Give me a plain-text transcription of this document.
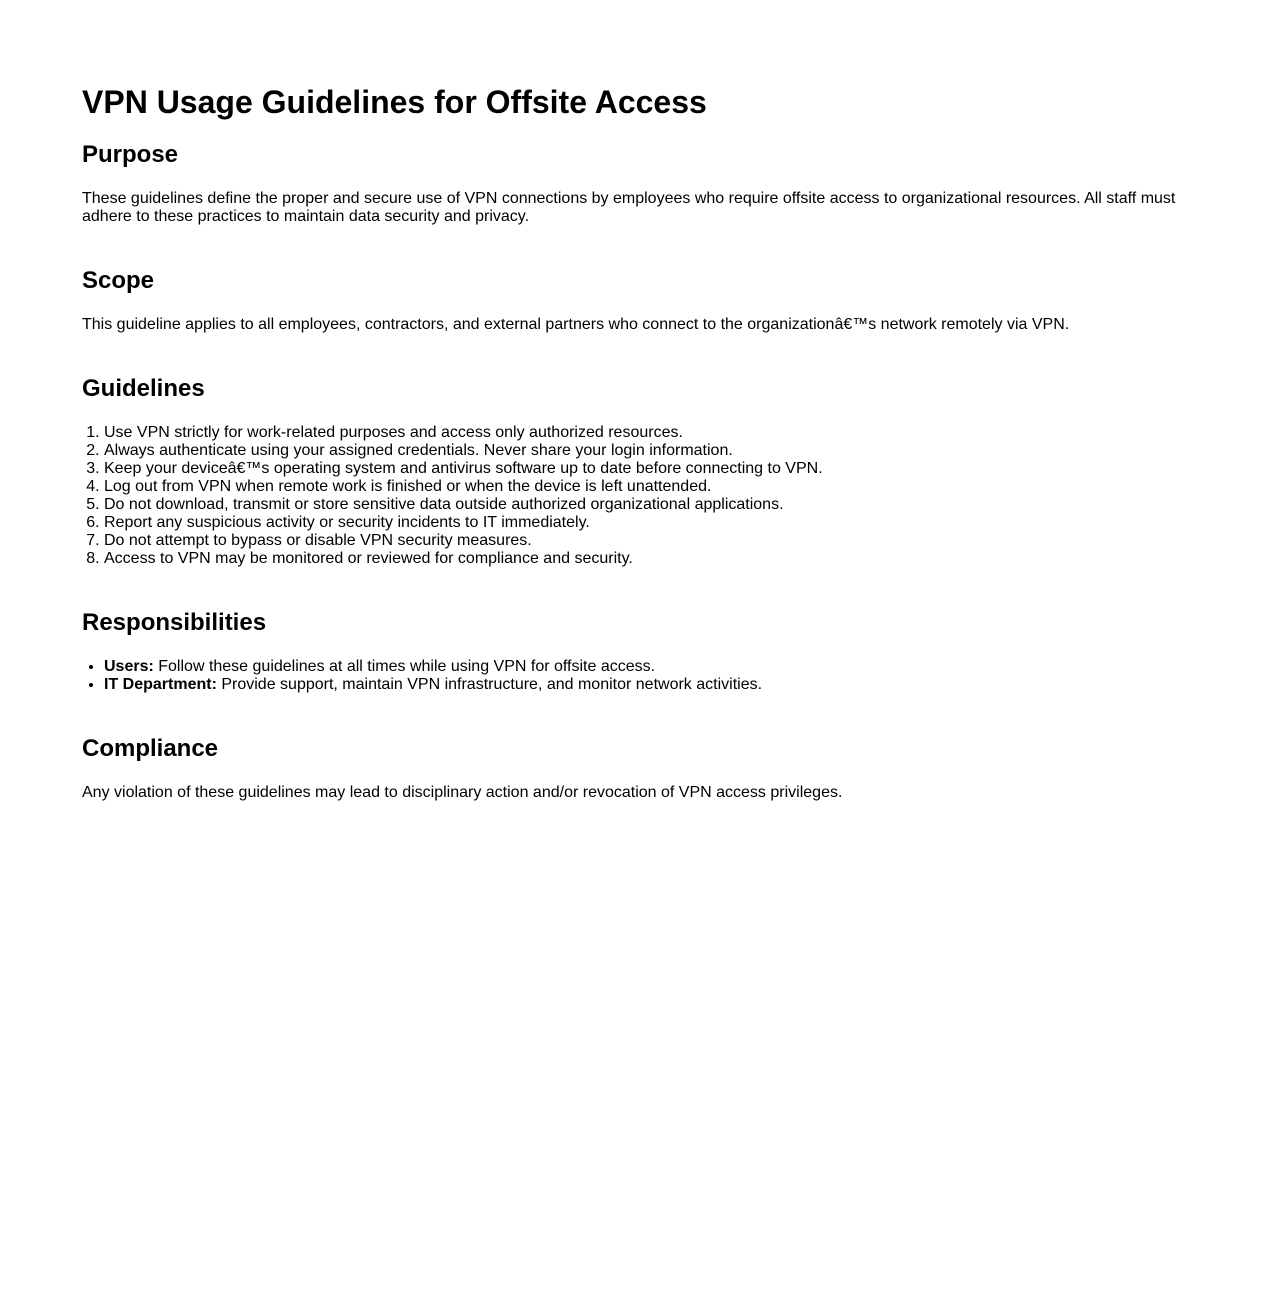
VPN Usage Guidelines for Offsite Access
Purpose

These guidelines define the proper and secure use of VPN connections by employees who require offsite access to organizational resources. All staff must adhere to these practices to maintain data security and privacy.

Scope

This guideline applies to all employees, contractors, and external partners who connect to the organizationâ€™s network remotely via VPN.

Guidelines
1. Use VPN strictly for work-related purposes and access only authorized resources.
2. Always authenticate using your assigned credentials. Never share your login information.
3. Keep your deviceâ€™s operating system and antivirus software up to date before connecting to VPN.
4. Log out from VPN when remote work is finished or when the device is left unattended.
5. Do not download, transmit or store sensitive data outside authorized organizational applications.
6. Report any suspicious activity or security incidents to IT immediately.
7. Do not attempt to bypass or disable VPN security measures.
8. Access to VPN may be monitored or reviewed for compliance and security.
Responsibilities
• Users: Follow these guidelines at all times while using VPN for offsite access.
• IT Department: Provide support, maintain VPN infrastructure, and monitor network activities.
Compliance

Any violation of these guidelines may lead to disciplinary action and/or revocation of VPN access privileges.
